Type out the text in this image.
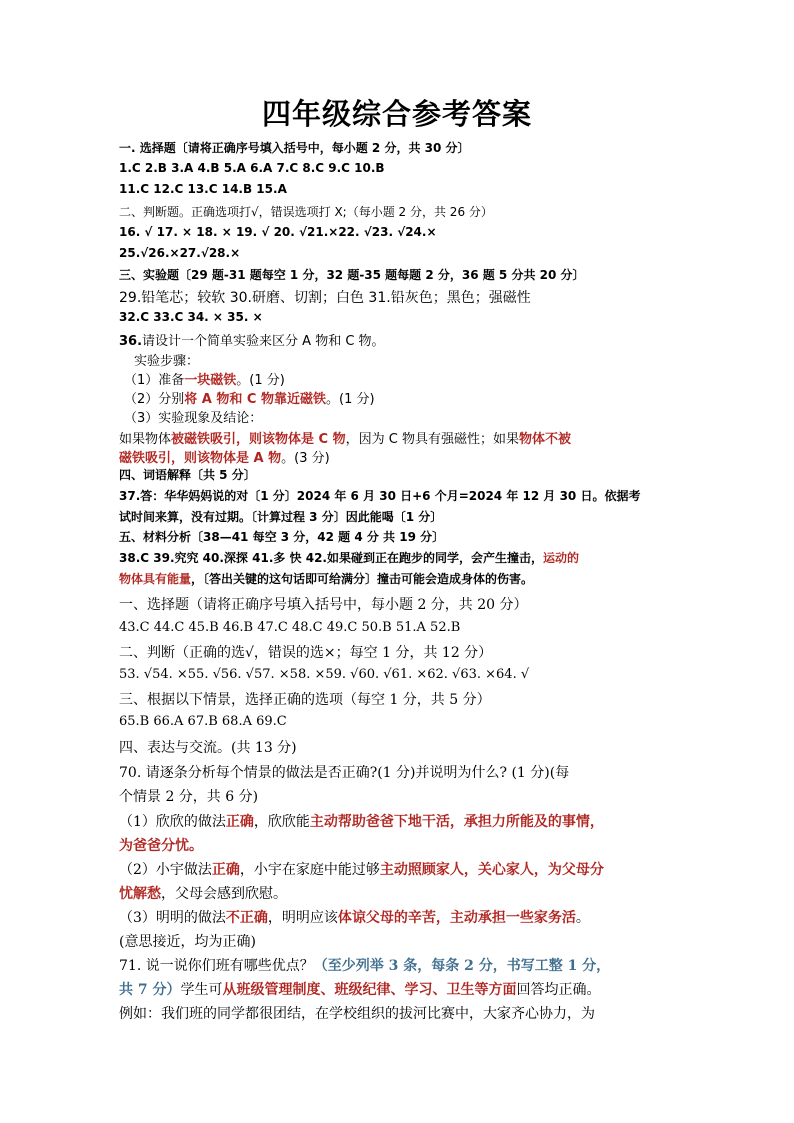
四年级综合参考答案
一. 选择题〔请将正确序号填入括号中，每小题 2 分，共 30 分〕
1.C 2.B 3.A 4.B 5.A 6.A 7.C 8.C 9.C 10.B
11.C 12.C 13.C 14.B 15.A
二、判断题。正确选项打√，错误选项打 X;（每小题 2 分，共 26 分）
16. √ 17. × 18. × 19. √ 20. √21.×22. √23. √24.×
25.√26.×27.√28.×
三、实验题〔29 题-31 题每空 1 分，32 题-35 题每题 2 分，36 题 5 分共 20 分〕
29.铅笔芯；较软 30.研磨、切割；白色 31.铅灰色；黑色；强磁性
32.C 33.C 34. × 35. ×
36.请设计一个简单实验来区分 A 物和 C 物。
实验步骤：
（1）准备一块磁铁。(1 分)
（2）分别将 A 物和 C 物靠近磁铁。(1 分)
（3）实验现象及结论：
如果物体被磁铁吸引，则该物体是 C 物，因为 C 物具有强磁性；如果物体不被
磁铁吸引，则该物体是 A 物。(3 分)
四、词语解释〔共 5 分〕
37.答：华华妈妈说的对〔1 分〕2024 年 6 月 30 日+6 个月=2024 年 12 月 30 日。依据考
试时间来算，没有过期。〔计算过程 3 分〕因此能喝〔1 分〕
五、材料分析〔38—41 每空 3 分，42 题 4 分 共 19 分〕
38.C 39.究究 40.深探 41.多 快 42.如果碰到正在跑步的同学，会产生撞击，运动的
物体具有能量，〔答出关键的这句话即可给满分〕撞击可能会造成身体的伤害。
一、选择题（请将正确序号填入括号中，每小题 2 分，共 20 分）
43.C 44.C 45.B 46.B 47.C 48.C 49.C 50.B 51.A 52.B
二、判断（正确的选√，错误的选×；每空 1 分，共 12 分）
53. √54. ×55. √56. √57. ×58. ×59. √60. √61. ×62. √63. ×64. √
三、根据以下情景，选择正确的选项（每空 1 分，共 5 分）
65.B 66.A 67.B 68.A 69.C
四、表达与交流。(共 13 分)
70. 请逐条分析每个情景的做法是否正确?(1 分)并说明为什么? (1 分)(每
个情景 2 分，共 6 分)
（1）欣欣的做法正确，欣欣能主动帮助爸爸下地干活，承担力所能及的事情，
为爸爸分忧。
（2）小宇做法正确，小宇在家庭中能过够主动照顾家人，关心家人，为父母分
忧解愁，父母会感到欣慰。
（3）明明的做法不正确，明明应该体谅父母的辛苦，主动承担一些家务活。
(意思接近，均为正确)
71. 说一说你们班有哪些优点？（至少列举 3 条，每条 2 分，书写工整 1 分，
共 7 分）学生可从班级管理制度、班级纪律、学习、卫生等方面回答均正确。
例如：我们班的同学都很团结，在学校组织的拔河比赛中，大家齐心协力，为
